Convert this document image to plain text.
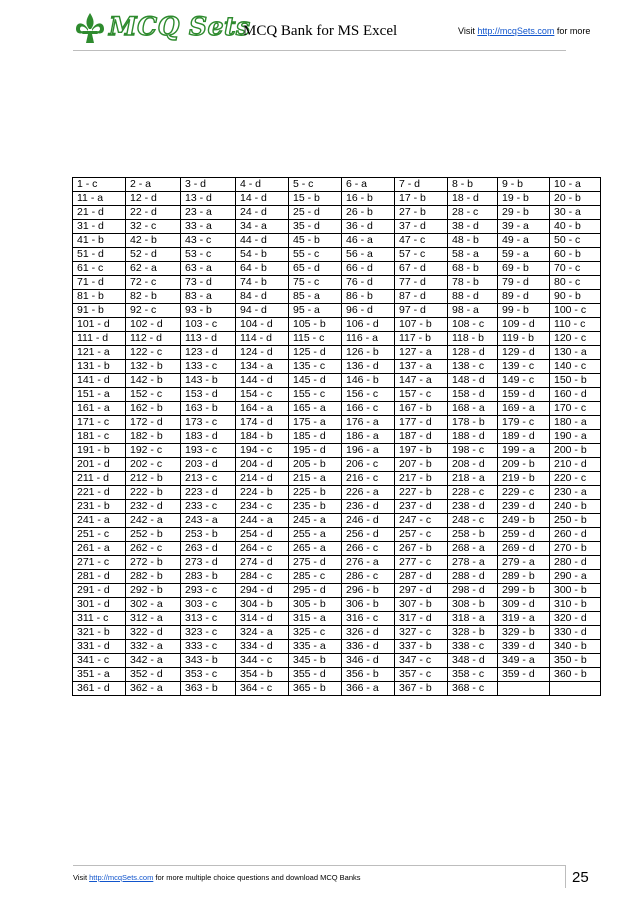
MCQ Sets
MCQ Bank for MS Excel	Visit http://mcqSets.com for more
1 - c	2 - a	3 - d	4 - d	5 - c	6 - a	7 - d	8 - b	9 - b	10 - a
11 - a	12 - d	13 - d	14 - d	15 - b	16 - b	17 - b	18 - d	19 - b	20 - b
21 - d	22 - d	23 - a	24 - d	25 - d	26 - b	27 - b	28 - c	29 - b	30 - a
31 - d	32 - c	33 - a	34 - a	35 - d	36 - d	37 - d	38 - d	39 - a	40 - b
41 - b	42 - b	43 - c	44 - d	45 - b	46 - a	47 - c	48 - b	49 - a	50 - c
51 - d	52 - d	53 - c	54 - b	55 - c	56 - a	57 - c	58 - a	59 - a	60 - b
61 - c	62 - a	63 - a	64 - b	65 - d	66 - d	67 - d	68 - b	69 - b	70 - c
71 - d	72 - c	73 - d	74 - b	75 - c	76 - d	77 - d	78 - b	79 - d	80 - c
81 - b	82 - b	83 - a	84 - d	85 - a	86 - b	87 - d	88 - d	89 - d	90 - b
91 - b	92 - c	93 - b	94 - d	95 - a	96 - d	97 - d	98 - a	99 - b	100 - c
101 - d	102 - d	103 - c	104 - d	105 - b	106 - d	107 - b	108 - c	109 - d	110 - c
111 - d	112 - d	113 - d	114 - d	115 - c	116 - a	117 - b	118 - b	119 - b	120 - c
121 - a	122 - c	123 - d	124 - d	125 - d	126 - b	127 - a	128 - d	129 - d	130 - a
131 - b	132 - b	133 - c	134 - a	135 - c	136 - d	137 - a	138 - c	139 - c	140 - c
141 - d	142 - b	143 - b	144 - d	145 - d	146 - b	147 - a	148 - d	149 - c	150 - b
151 - a	152 - c	153 - d	154 - c	155 - c	156 - c	157 - c	158 - d	159 - d	160 - d
161 - a	162 - b	163 - b	164 - a	165 - a	166 - c	167 - b	168 - a	169 - a	170 - c
171 - c	172 - d	173 - c	174 - d	175 - a	176 - a	177 - d	178 - b	179 - c	180 - a
181 - c	182 - b	183 - d	184 - b	185 - d	186 - a	187 - d	188 - d	189 - d	190 - a
191 - b	192 - c	193 - c	194 - c	195 - d	196 - a	197 - b	198 - c	199 - a	200 - b
201 - d	202 - c	203 - d	204 - d	205 - b	206 - c	207 - b	208 - d	209 - b	210 - d
211 - d	212 - b	213 - c	214 - d	215 - a	216 - c	217 - b	218 - a	219 - b	220 - c
221 - d	222 - b	223 - d	224 - b	225 - b	226 - a	227 - b	228 - c	229 - c	230 - a
231 - b	232 - d	233 - c	234 - c	235 - b	236 - d	237 - d	238 - d	239 - d	240 - b
241 - a	242 - a	243 - a	244 - a	245 - a	246 - d	247 - c	248 - c	249 - b	250 - b
251 - c	252 - b	253 - b	254 - d	255 - a	256 - d	257 - c	258 - b	259 - d	260 - d
261 - a	262 - c	263 - d	264 - c	265 - a	266 - c	267 - b	268 - a	269 - d	270 - b
271 - c	272 - b	273 - d	274 - d	275 - d	276 - a	277 - c	278 - a	279 - a	280 - d
281 - d	282 - b	283 - b	284 - c	285 - c	286 - c	287 - d	288 - d	289 - b	290 - a
291 - d	292 - b	293 - c	294 - d	295 - d	296 - b	297 - d	298 - d	299 - b	300 - b
301 - d	302 - a	303 - c	304 - b	305 - b	306 - b	307 - b	308 - b	309 - d	310 - b
311 - c	312 - a	313 - c	314 - d	315 - a	316 - c	317 - d	318 - a	319 - a	320 - d
321 - b	322 - d	323 - c	324 - a	325 - c	326 - d	327 - c	328 - b	329 - b	330 - d
331 - d	332 - a	333 - c	334 - d	335 - a	336 - d	337 - b	338 - c	339 - d	340 - b
341 - c	342 - a	343 - b	344 - c	345 - b	346 - d	347 - c	348 - d	349 - a	350 - b
351 - a	352 - d	353 - c	354 - b	355 - d	356 - b	357 - c	358 - c	359 - d	360 - b
361 - d	362 - a	363 - b	364 - c	365 - b	366 - a	367 - b	368 - c		
Visit http://mcqSets.com for more multiple choice questions and download MCQ Banks	25
